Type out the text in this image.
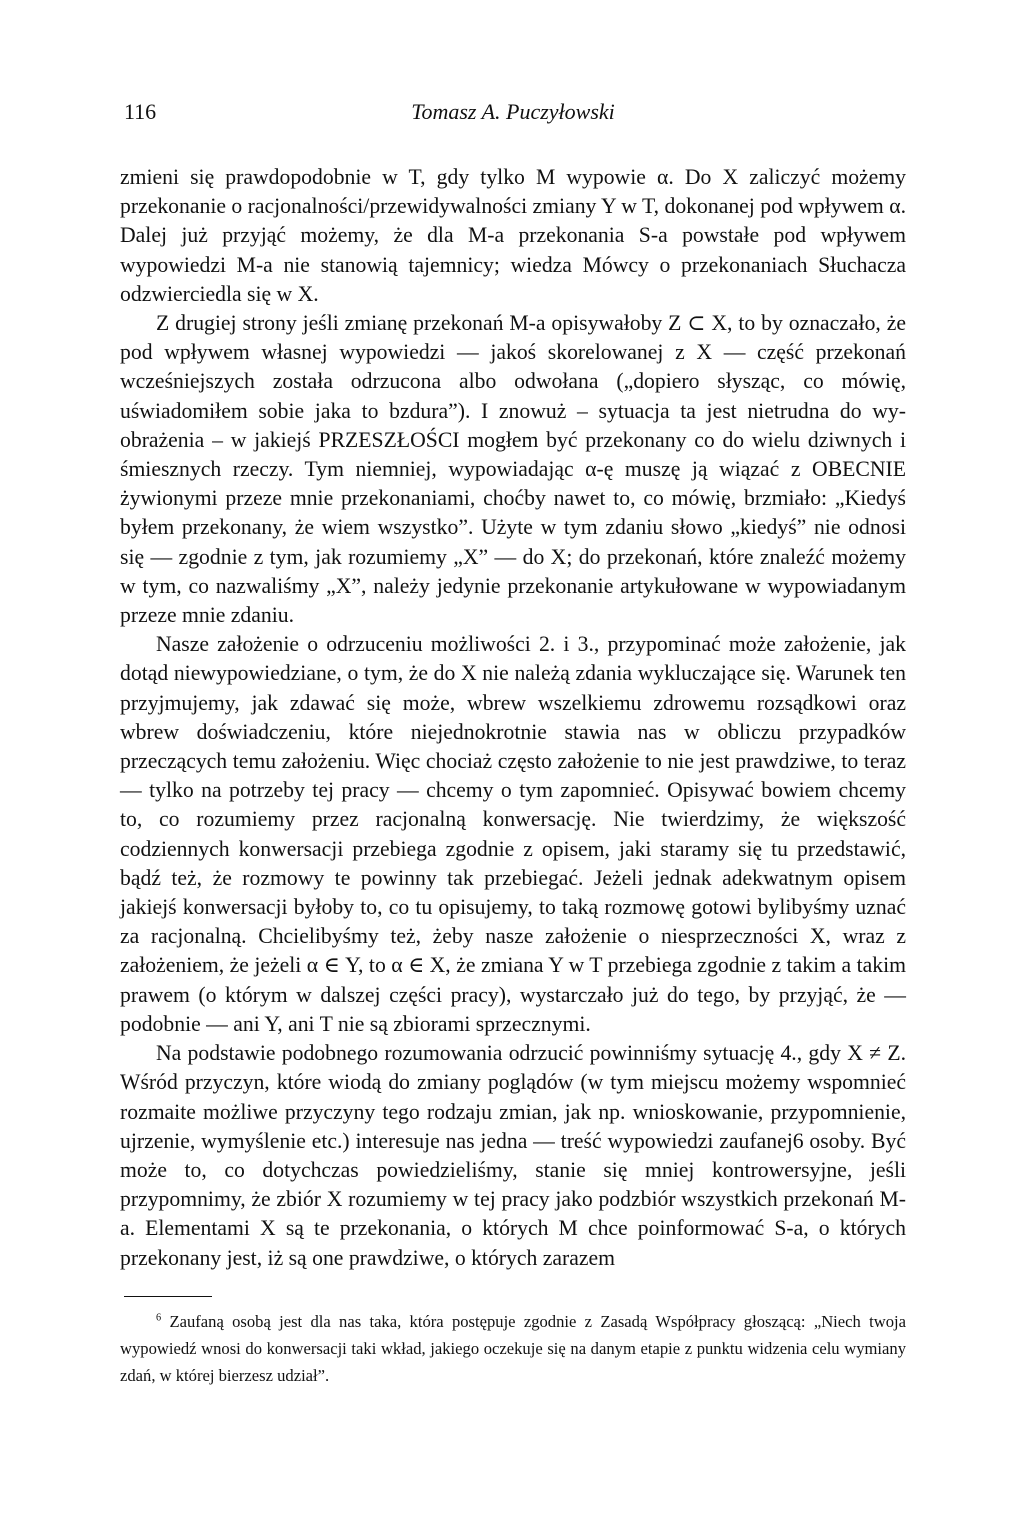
116	Tomasz A. Puczyłowski

zmieni się prawdopodobnie w T, gdy tylko M wypowie α. Do X zaliczyć możemy przekonanie o racjonalności/przewidywalności zmiany Y w T, dokonanej pod wpływem α. Dalej już przyjąć możemy, że dla M-a przekonania S-a powstałe pod wpływem wypowiedzi M-a nie stanowią tajemnicy; wiedza Mówcy o przekonaniach Słuchacza odzwierciedla się w X.

Z drugiej strony jeśli zmianę przekonań M-a opisywałoby Z ⊂ X, to by oznaczało, że pod wpływem własnej wypowiedzi — jakoś skorelowanej z X — część przekonań wcześniejszych została odrzucona albo odwołana („dopiero słysząc, co mówię, uświadomiłem sobie jaka to bzdura”). I znowuż – sytuacja ta jest nietrudna do wyobrażenia – w jakiejś PRZESZŁOŚCI mogłem być przekonany co do wielu dziwnych i śmiesznych rzeczy. Tym niemniej, wypowiadając α-ę muszę ją wiązać z OBECNIE żywionymi przeze mnie przekonaniami, choćby nawet to, co mówię, brzmiało: „Kiedyś byłem przekonany, że wiem wszystko”. Użyte w tym zdaniu słowo „kiedyś” nie odnosi się — zgodnie z tym, jak rozumiemy „X” — do X; do przekonań, które znaleźć możemy w tym, co nazwaliśmy „X”, należy jedynie przekonanie artykułowane w wypowiadanym przeze mnie zdaniu.

Nasze założenie o odrzuceniu możliwości 2. i 3., przypominać może założenie, jak dotąd niewypowiedziane, o tym, że do X nie należą zdania wykluczające się. Warunek ten przyjmujemy, jak zdawać się może, wbrew wszelkiemu zdrowemu rozsądkowi oraz wbrew doświadczeniu, które niejednokrotnie stawia nas w obliczu przypadków przeczących temu założeniu. Więc chociaż często założenie to nie jest prawdziwe, to teraz — tylko na potrzeby tej pracy — chcemy o tym zapomnieć. Opisywać bowiem chcemy to, co rozumiemy przez racjonalną konwersację. Nie twierdzimy, że większość codziennych konwersacji przebiega zgodnie z opisem, jaki staramy się tu przedstawić, bądź też, że rozmowy te powinny tak przebiegać. Jeżeli jednak adekwatnym opisem jakiejś konwersacji byłoby to, co tu opisujemy, to taką rozmowę gotowi bylibyśmy uznać za racjonalną. Chcielibyśmy też, żeby nasze założenie o niesprzeczności X, wraz z założeniem, że jeżeli α ∈ Y, to α ∈ X, że zmiana Y w T przebiega zgodnie z takim a takim prawem (o którym w dalszej części pracy), wystarczało już do tego, by przyjąć, że — podobnie — ani Y, ani T nie są zbiorami sprzecznymi.

Na podstawie podobnego rozumowania odrzucić powinniśmy sytuację 4., gdy X ≠ Z. Wśród przyczyn, które wiodą do zmiany poglądów (w tym miejscu możemy wspomnieć rozmaite możliwe przyczyny tego rodzaju zmian, jak np. wnioskowanie, przypomnienie, ujrzenie, wymyślenie etc.) interesuje nas jedna — treść wypowiedzi zaufanej6 osoby. Być może to, co dotychczas powiedzieliśmy, stanie się mniej kontrowersyjne, jeśli przypomnimy, że zbiór X rozumiemy w tej pracy jako podzbiór wszystkich przekonań M-a. Elementami X są te przekonania, o których M chce poinformować S-a, o których przekonany jest, iż są one prawdziwe, o których zarazem

$^6$ Zaufaną osobą jest dla nas taka, która postępuje zgodnie z Zasadą Współpracy głoszącą: „Niech twoja wypowiedź wnosi do konwersacji taki wkład, jakiego oczekuje się na danym etapie z punktu widzenia celu wymiany zdań, w której bierzesz udział”.
